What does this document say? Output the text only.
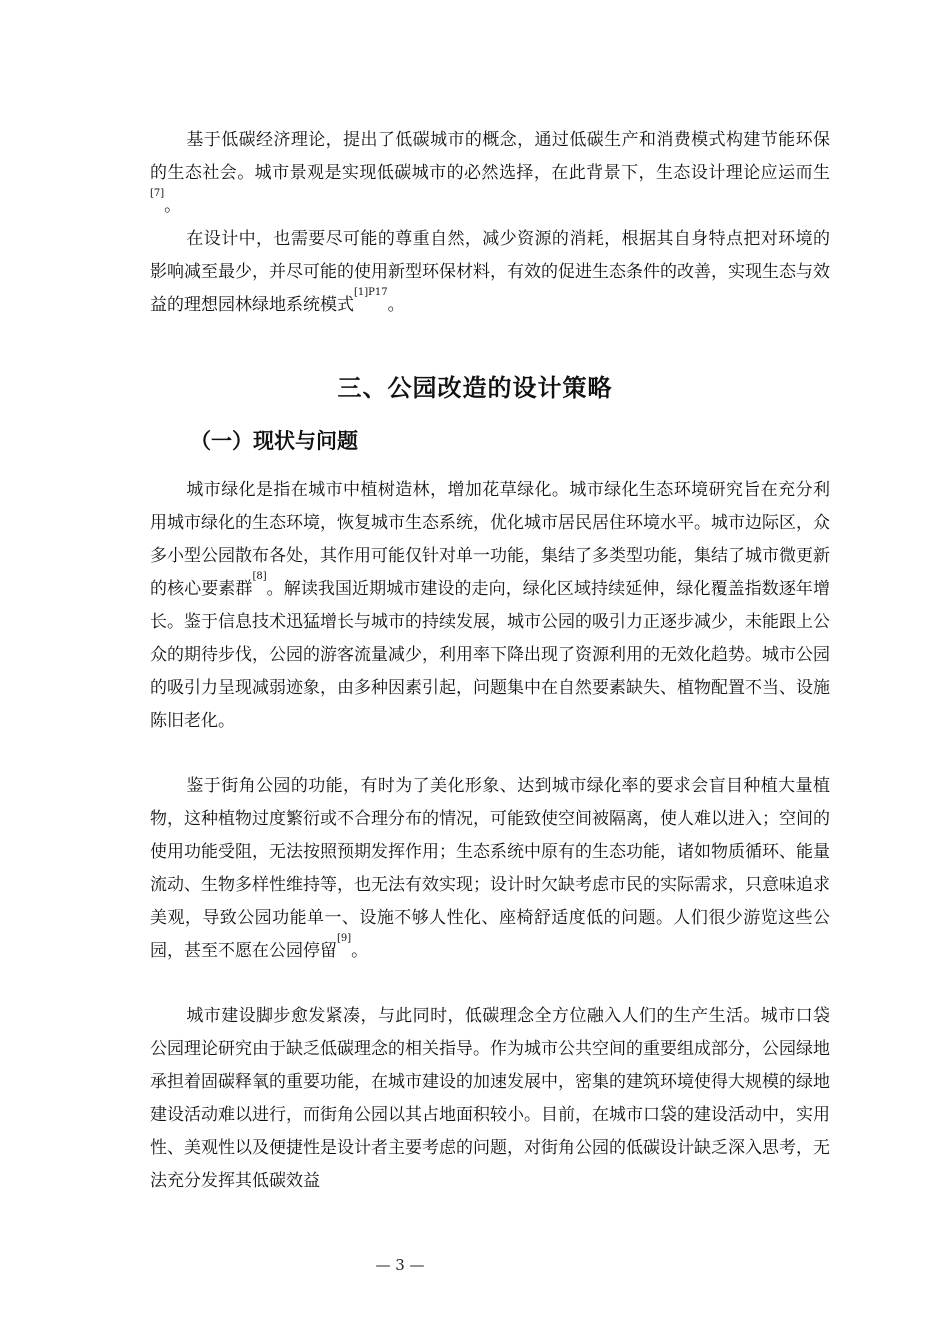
基于低碳经济理论，提出了低碳城市的概念，通过低碳生产和消费模式构建节能环保的生态社会。城市景观是实现低碳城市的必然选择，在此背景下，生态设计理论应运而生[7]。

在设计中，也需要尽可能的尊重自然，减少资源的消耗，根据其自身特点把对环境的影响减至最少，并尽可能的使用新型环保材料，有效的促进生态条件的改善，实现生态与效益的理想园林绿地系统模式$^{[1]P17}$。

三、公园改造的设计策略
（一）现状与问题

城市绿化是指在城市中植树造林，增加花草绿化。城市绿化生态环境研究旨在充分利用城市绿化的生态环境，恢复城市生态系统，优化城市居民居住环境水平。城市边际区，众多小型公园散布各处，其作用可能仅针对单一功能，集结了多类型功能，集结了城市微更新的核心要素群[8]。解读我国近期城市建设的走向，绿化区域持续延伸，绿化覆盖指数逐年增长。鉴于信息技术迅猛增长与城市的持续发展，城市公园的吸引力正逐步减少，未能跟上公众的期待步伐，公园的游客流量减少，利用率下降出现了资源利用的无效化趋势。城市公园的吸引力呈现减弱迹象，由多种因素引起，问题集中在自然要素缺失、植物配置不当、设施陈旧老化。

鉴于街角公园的功能，有时为了美化形象、达到城市绿化率的要求会盲目种植大量植物，这种植物过度繁衍或不合理分布的情况，可能致使空间被隔离，使人难以进入；空间的使用功能受阻，无法按照预期发挥作用；生态系统中原有的生态功能，诸如物质循环、能量流动、生物多样性维持等，也无法有效实现；设计时欠缺考虑市民的实际需求，只意味追求美观，导致公园功能单一、设施不够人性化、座椅舒适度低的问题。人们很少游览这些公园，甚至不愿在公园停留[9]。

城市建设脚步愈发紧凑，与此同时，低碳理念全方位融入人们的生产生活。城市口袋公园理论研究由于缺乏低碳理念的相关指导。作为城市公共空间的重要组成部分，公园绿地承担着固碳释氧的重要功能，在城市建设的加速发展中，密集的建筑环境使得大规模的绿地建设活动难以进行，而街角公园以其占地面积较小。目前，在城市口袋的建设活动中，实用性、美观性以及便捷性是设计者主要考虑的问题，对街角公园的低碳设计缺乏深入思考，无法充分发挥其低碳效益

— 3 —
